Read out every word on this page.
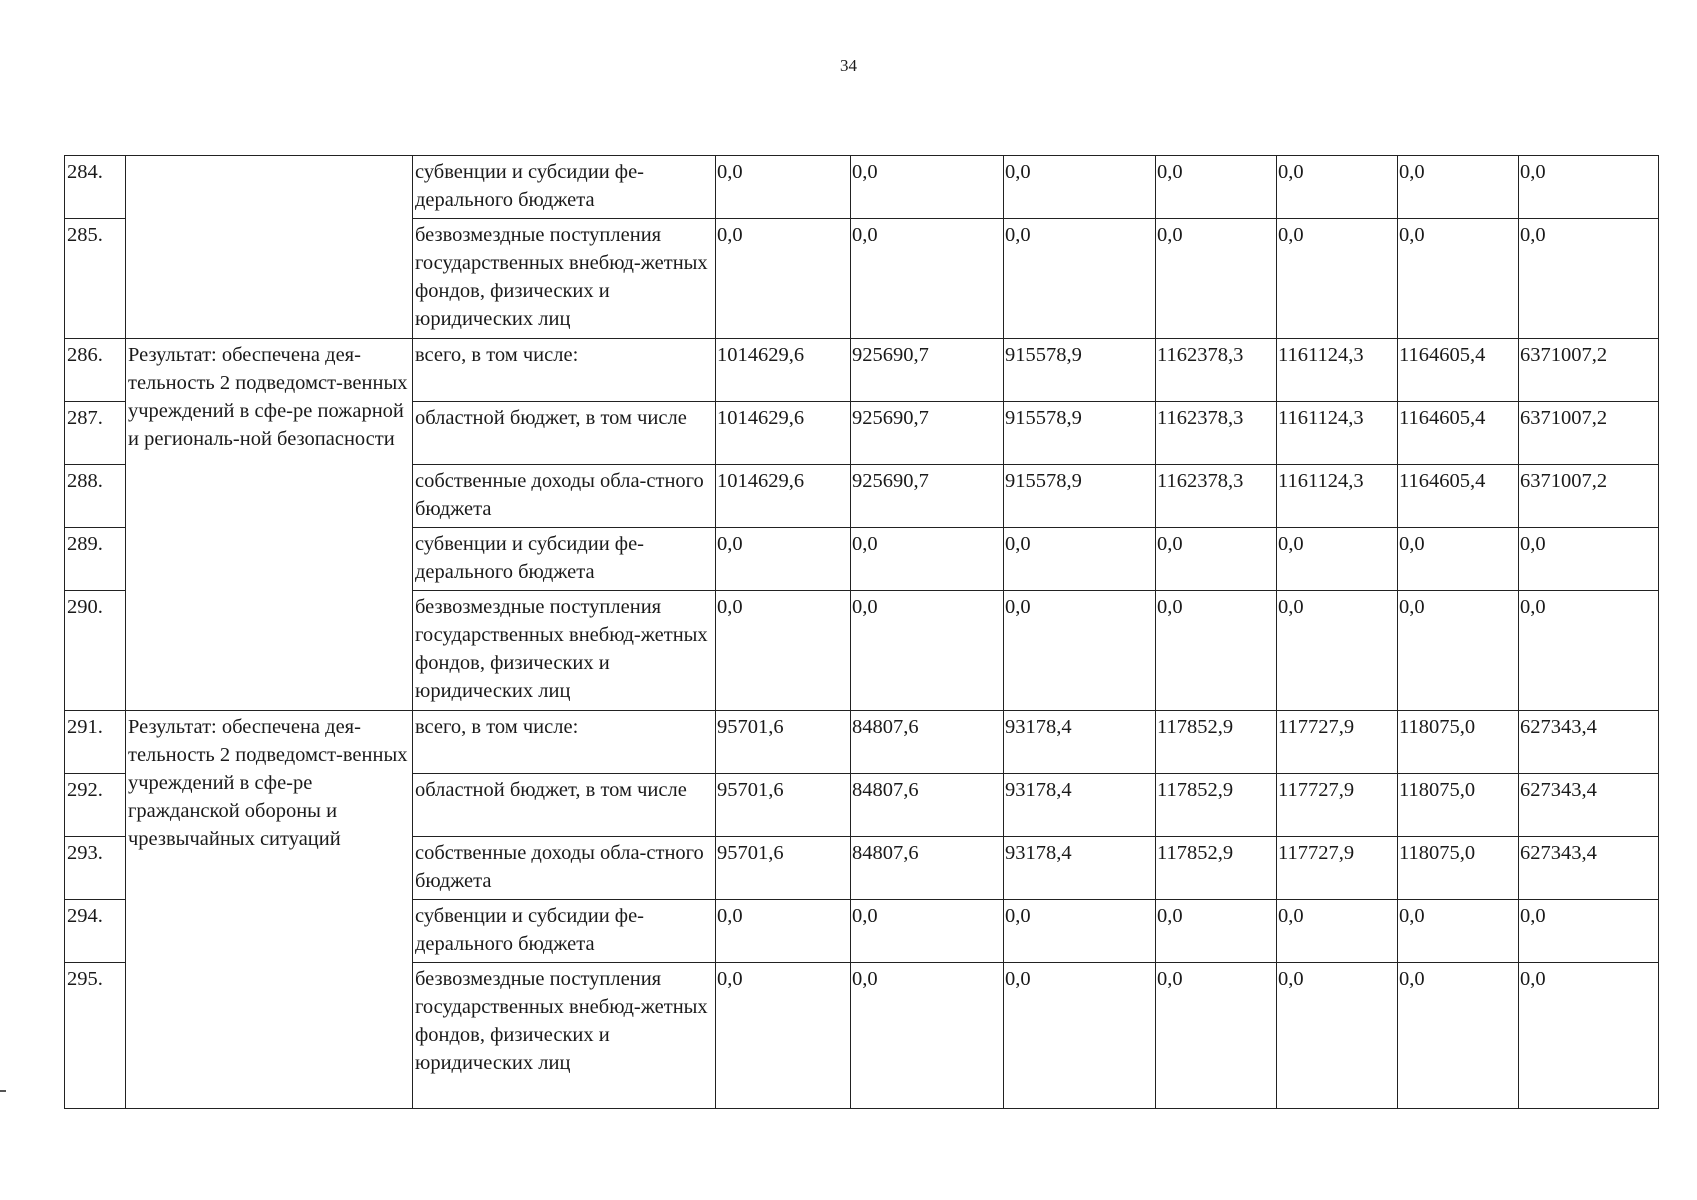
34
284.		субвенции и субсидии фе-дерального бюджета	0,0	0,0	0,0	0,0	0,0	0,0	0,0
285.		безвозмездные поступления государственных внебюд-жетных фондов, физических и юридических лиц	0,0	0,0	0,0	0,0	0,0	0,0	0,0
286.	Результат: обеспечена дея-тельность 2 подведомст-венных учреждений в сфе-ре пожарной и региональ-ной безопасности	всего, в том числе:	1014629,6	925690,7	915578,9	1162378,3	1161124,3	1164605,4	6371007,2
287.		областной бюджет, в том числе	1014629,6	925690,7	915578,9	1162378,3	1161124,3	1164605,4	6371007,2
288.		собственные доходы обла-стного бюджета	1014629,6	925690,7	915578,9	1162378,3	1161124,3	1164605,4	6371007,2
289.		субвенции и субсидии фе-дерального бюджета	0,0	0,0	0,0	0,0	0,0	0,0	0,0
290.		безвозмездные поступления государственных внебюд-жетных фондов, физических и юридических лиц	0,0	0,0	0,0	0,0	0,0	0,0	0,0
291.	Результат: обеспечена дея-тельность 2 подведомст-венных учреждений в сфе-ре гражданской обороны и чрезвычайных ситуаций	всего, в том числе:	95701,6	84807,6	93178,4	117852,9	117727,9	118075,0	627343,4
292.		областной бюджет, в том числе	95701,6	84807,6	93178,4	117852,9	117727,9	118075,0	627343,4
293.		собственные доходы обла-стного бюджета	95701,6	84807,6	93178,4	117852,9	117727,9	118075,0	627343,4
294.		субвенции и субсидии фе-дерального бюджета	0,0	0,0	0,0	0,0	0,0	0,0	0,0
295.		безвозмездные поступления государственных внебюд-жетных фондов, физических и юридических лиц	0,0	0,0	0,0	0,0	0,0	0,0	0,0
